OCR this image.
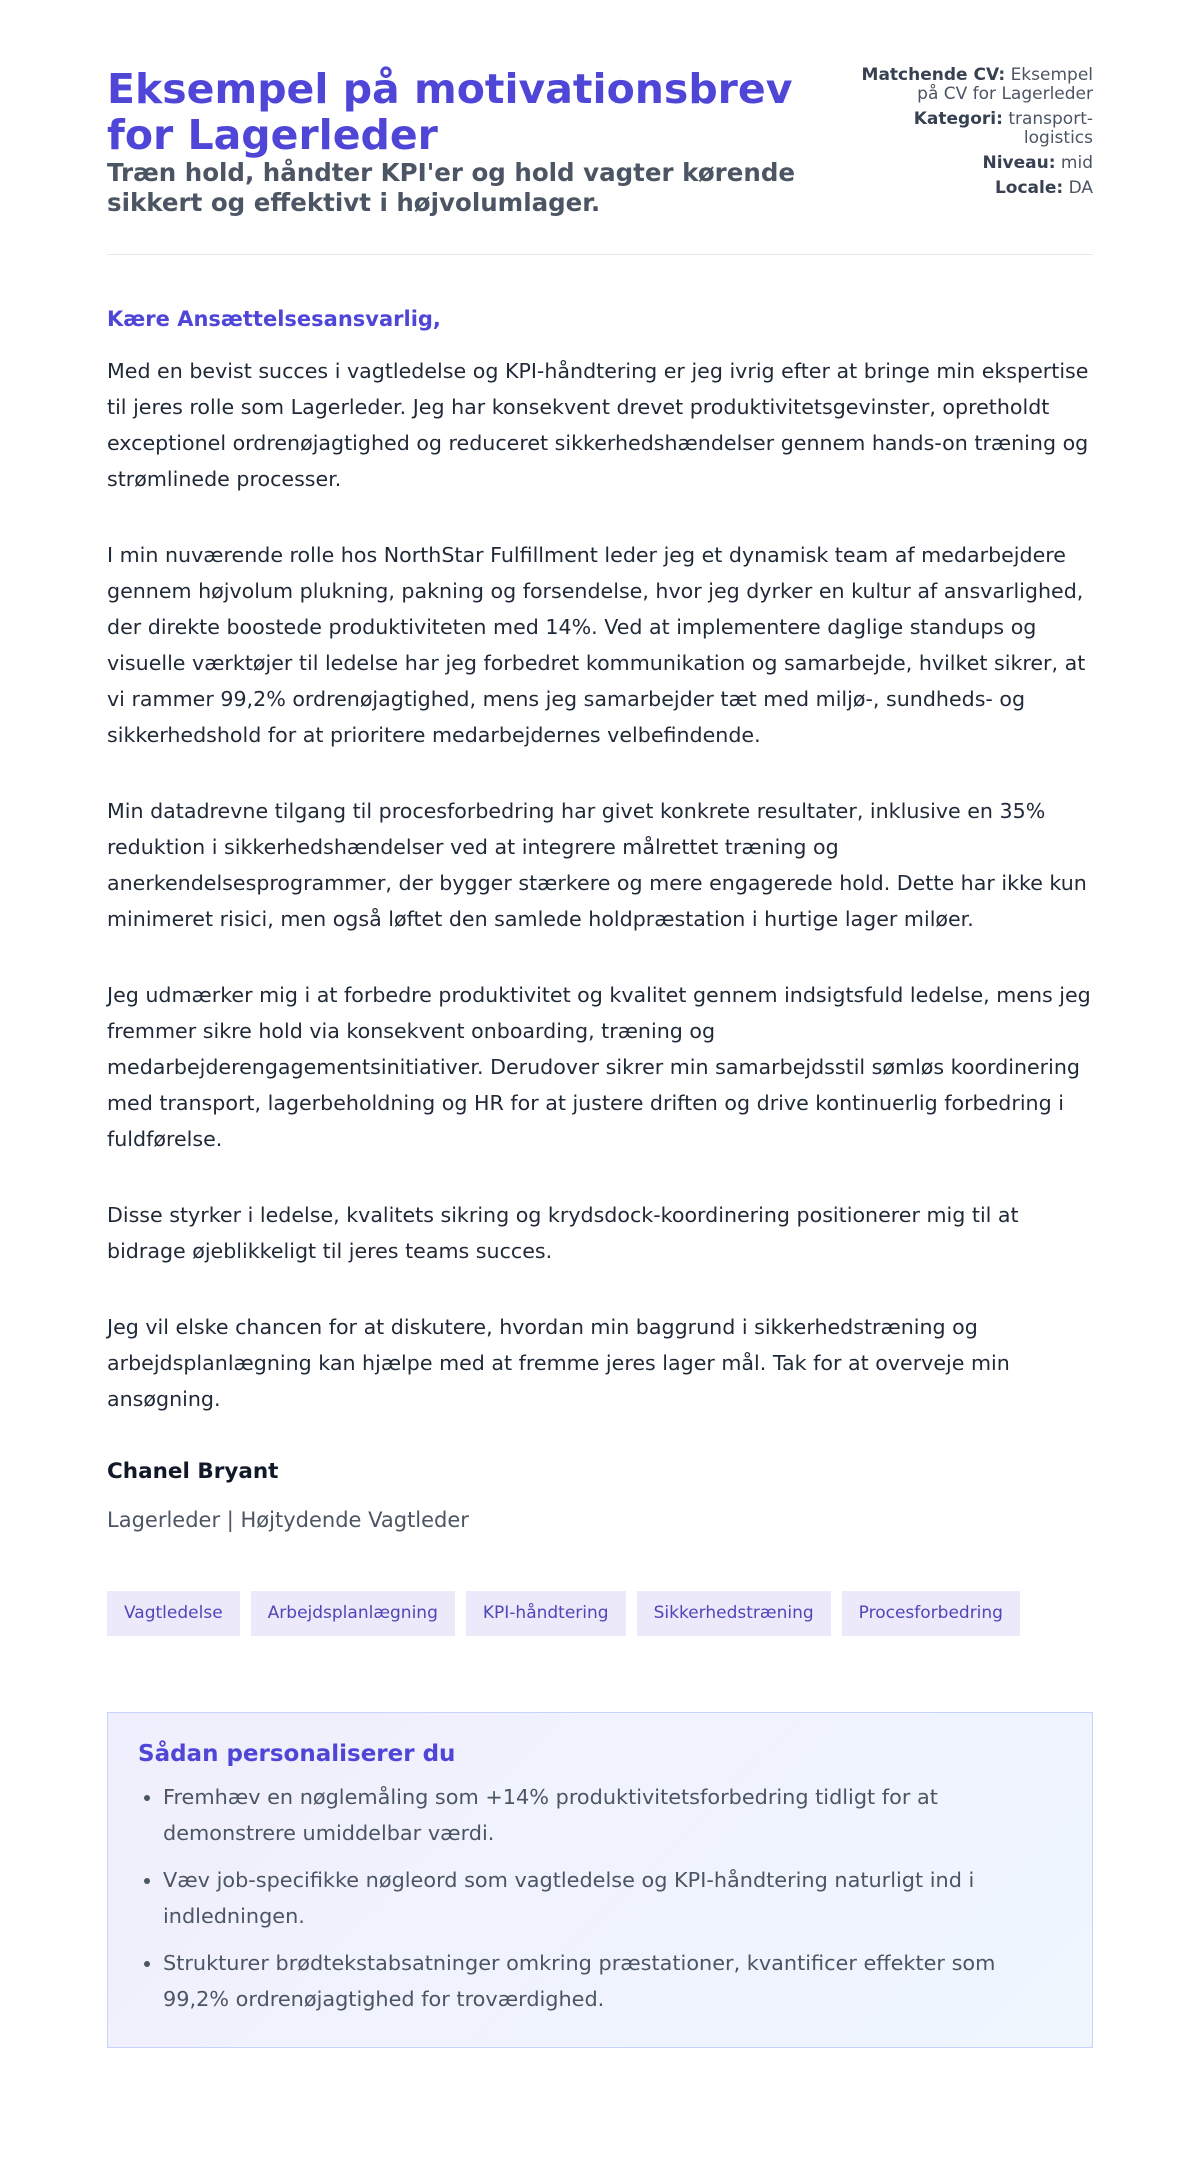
Eksempel på motivationsbrev for Lagerleder
Træn hold, håndter KPI'er og hold vagter kørende sikkert og effektivt i højvolumlager.
Matchende CV: Eksempel på CV for Lagerleder
Kategori: transport-logistics
Niveau: mid
Locale: DA
Kære Ansættelsesansvarlig,

Med en bevist succes i vagtledelse og KPI-håndtering er jeg ivrig efter at bringe min ekspertise til jeres rolle som Lagerleder. Jeg har konsekvent drevet produktivitetsgevinster, opretholdt exceptionel ordrenøjagtighed og reduceret sikkerhedshændelser gennem hands-on træning og strømlinede processer.

I min nuværende rolle hos NorthStar Fulfillment leder jeg et dynamisk team af medarbejdere gennem højvolum plukning, pakning og forsendelse, hvor jeg dyrker en kultur af ansvarlighed, der direkte boostede produktiviteten med 14%. Ved at implementere daglige standups og visuelle værktøjer til ledelse har jeg forbedret kommunikation og samarbejde, hvilket sikrer, at vi rammer 99,2% ordrenøjagtighed, mens jeg samarbejder tæt med miljø-, sundheds- og sikkerhedshold for at prioritere medarbejdernes velbefindende.

Min datadrevne tilgang til procesforbedring har givet konkrete resultater, inklusive en 35% reduktion i sikkerhedshændelser ved at integrere målrettet træning og anerkendelsesprogrammer, der bygger stærkere og mere engagerede hold. Dette har ikke kun minimeret risici, men også løftet den samlede holdpræstation i hurtige lager miløer.

Jeg udmærker mig i at forbedre produktivitet og kvalitet gennem indsigtsfuld ledelse, mens jeg fremmer sikre hold via konsekvent onboarding, træning og medarbejderengagementsinitiativer. Derudover sikrer min samarbejdsstil sømløs koordinering med transport, lagerbeholdning og HR for at justere driften og drive kontinuerlig forbedring i fuldførelse.

Disse styrker i ledelse, kvalitets sikring og krydsdock-koordinering positionerer mig til at bidrage øjeblikkeligt til jeres teams succes.

Jeg vil elske chancen for at diskutere, hvordan min baggrund i sikkerhedstræning og arbejdsplanlægning kan hjælpe med at fremme jeres lager mål. Tak for at overveje min ansøgning.

Chanel Bryant
Lagerleder | Højtydende Vagtleder
Vagtledelse	Arbejdsplanlægning	KPI-håndtering	Sikkerhedstræning	Procesforbedring
Sådan personaliserer du
• Fremhæv en nøglemåling som +14% produktivitetsforbedring tidligt for at demonstrere umiddelbar værdi.
• Væv job-specifikke nøgleord som vagtledelse og KPI-håndtering naturligt ind i indledningen.
• Strukturer brødtekstabsatninger omkring præstationer, kvantificer effekter som 99,2% ordrenøjagtighed for troværdighed.
